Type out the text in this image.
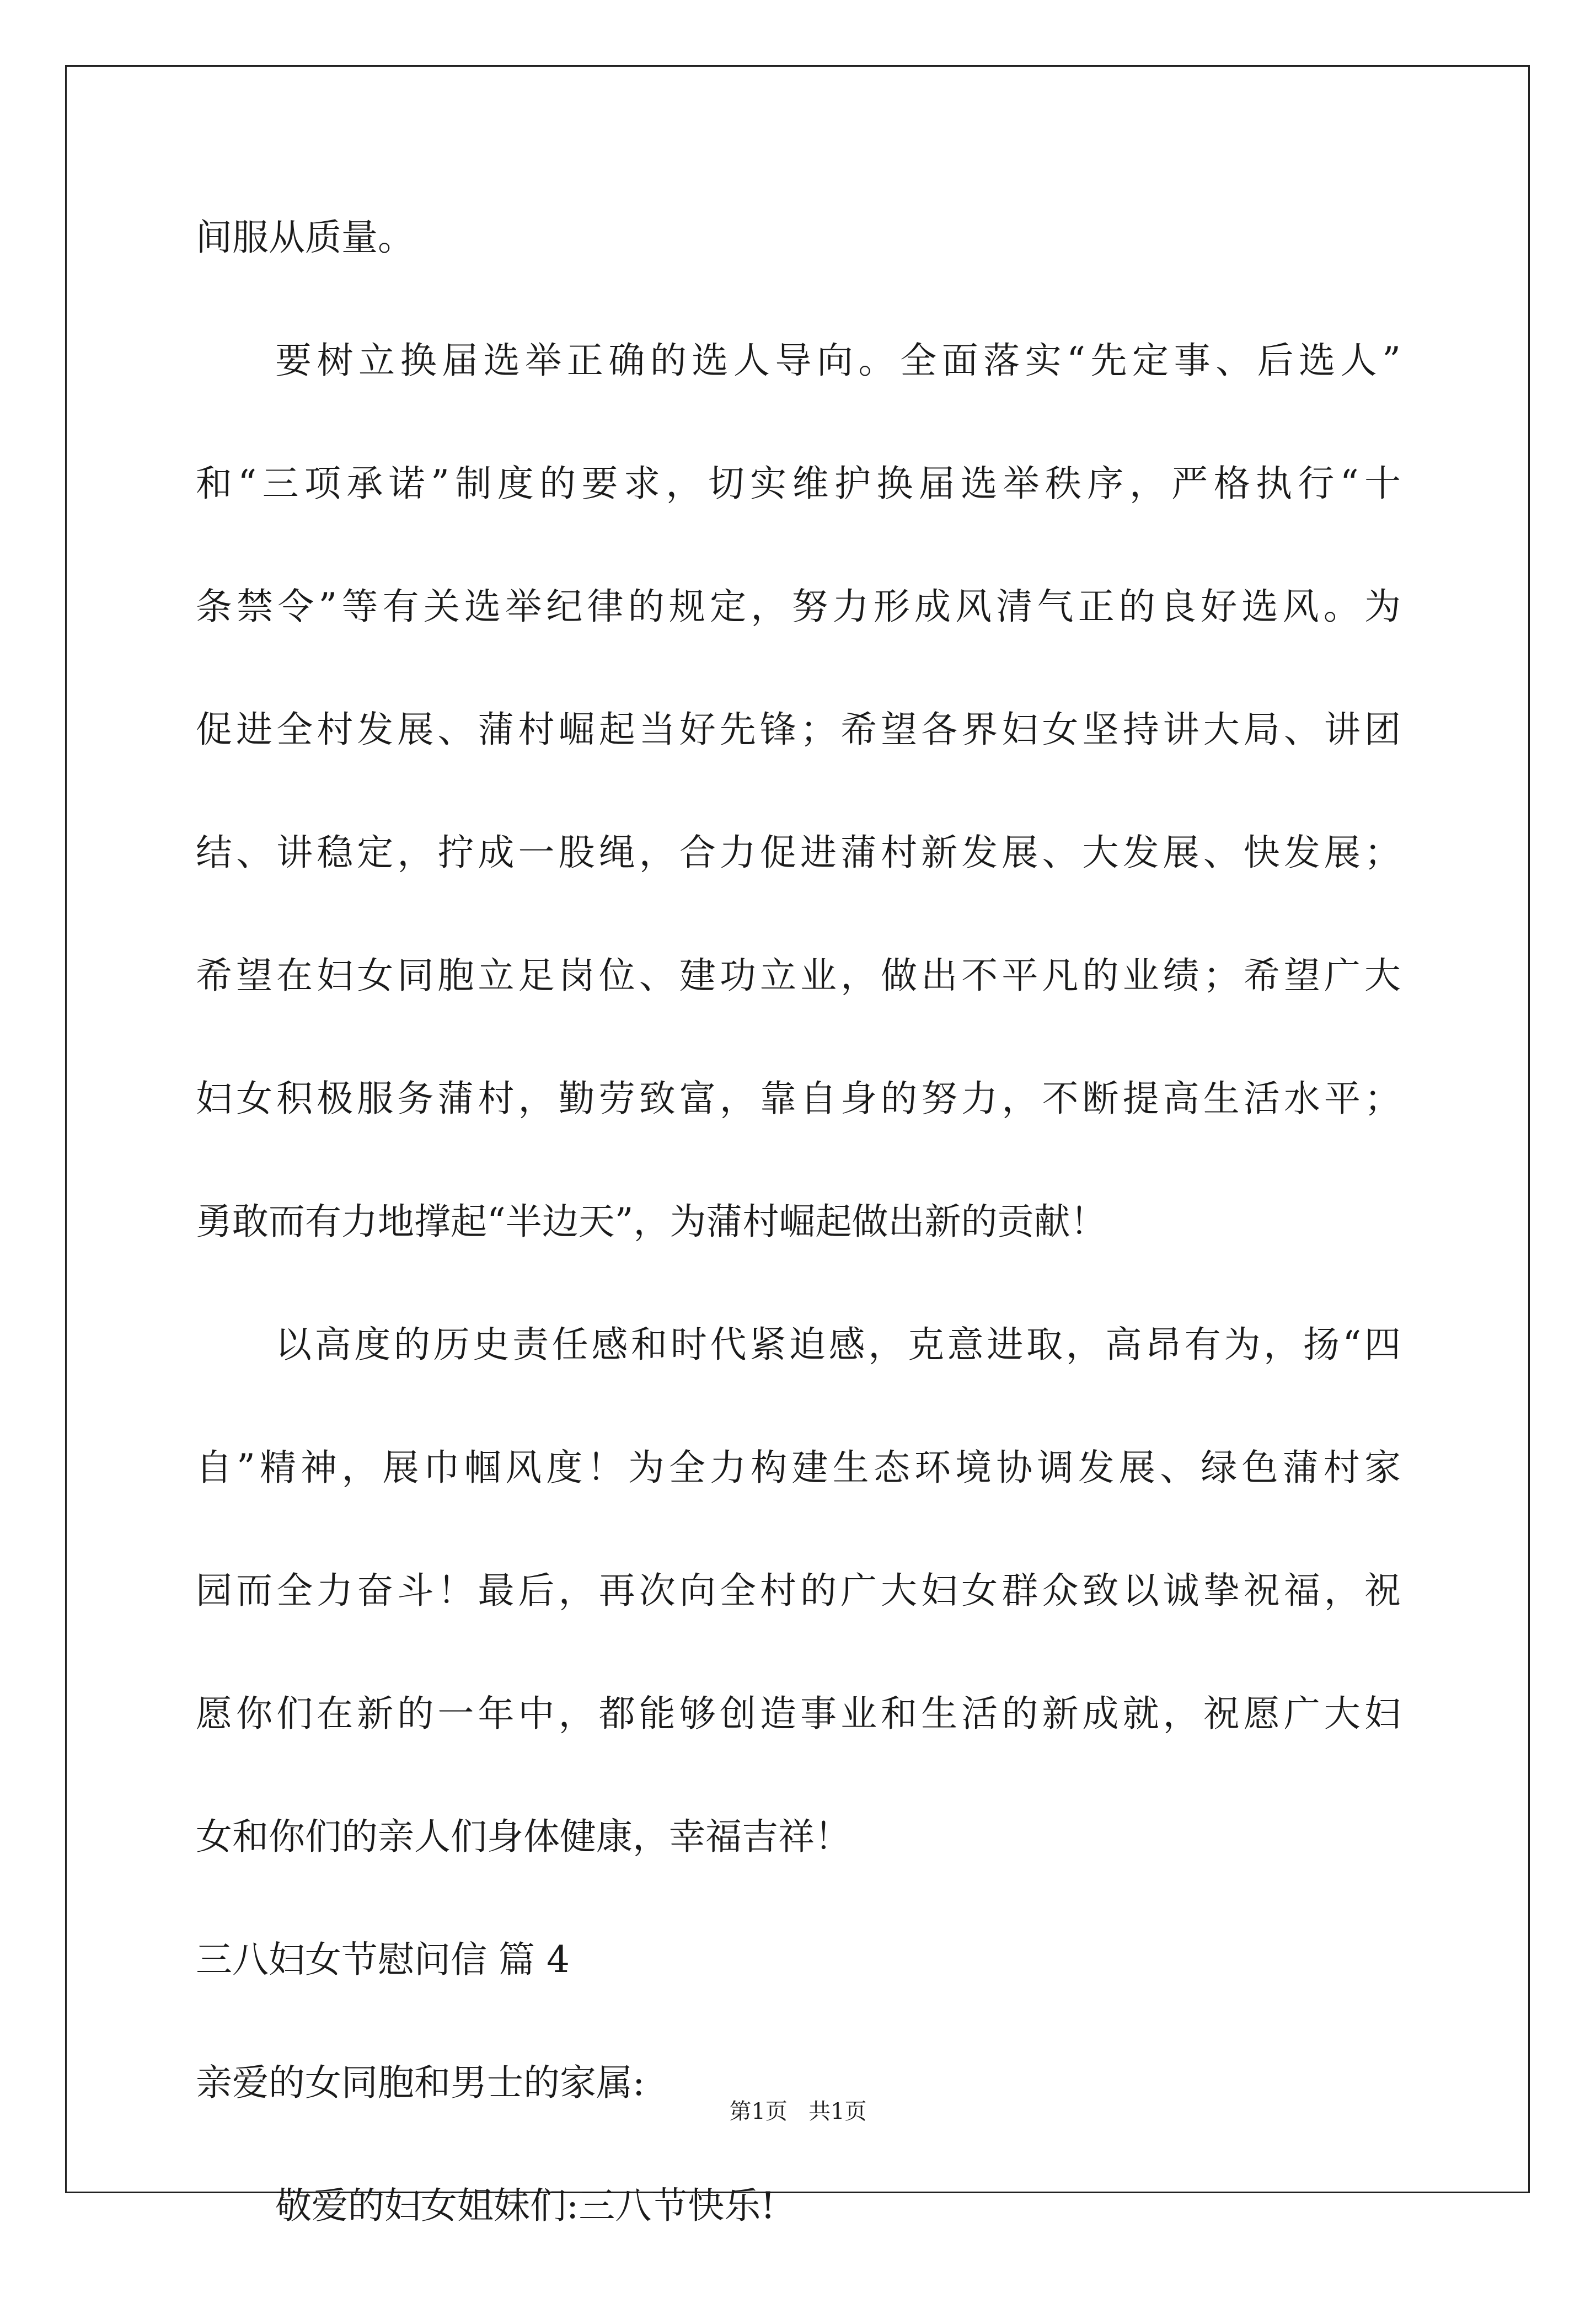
间服从质量。
要树立换届选举正确的选人导向。全面落实“先定事、后选人”
和“三项承诺”制度的要求，切实维护换届选举秩序，严格执行“十
条禁令”等有关选举纪律的规定，努力形成风清气正的良好选风。为
促进全村发展、蒲村崛起当好先锋；希望各界妇女坚持讲大局、讲团
结、讲稳定，拧成一股绳，合力促进蒲村新发展、大发展、快发展；
希望在妇女同胞立足岗位、建功立业，做出不平凡的业绩；希望广大
妇女积极服务蒲村，勤劳致富，靠自身的努力，不断提高生活水平；
勇敢而有力地撑起“半边天”，为蒲村崛起做出新的贡献！
以高度的历史责任感和时代紧迫感，克意进取，高昂有为，扬“四
自”精神，展巾帼风度！为全力构建生态环境协调发展、绿色蒲村家
园而全力奋斗！最后，再次向全村的广大妇女群众致以诚挚祝福，祝
愿你们在新的一年中，都能够创造事业和生活的新成就，祝愿广大妇
女和你们的亲人们身体健康，幸福吉祥！
三八妇女节慰问信 篇 4
亲爱的女同胞和男士的家属:
敬爱的妇女姐妹们:三八节快乐!
第1页 共1页
